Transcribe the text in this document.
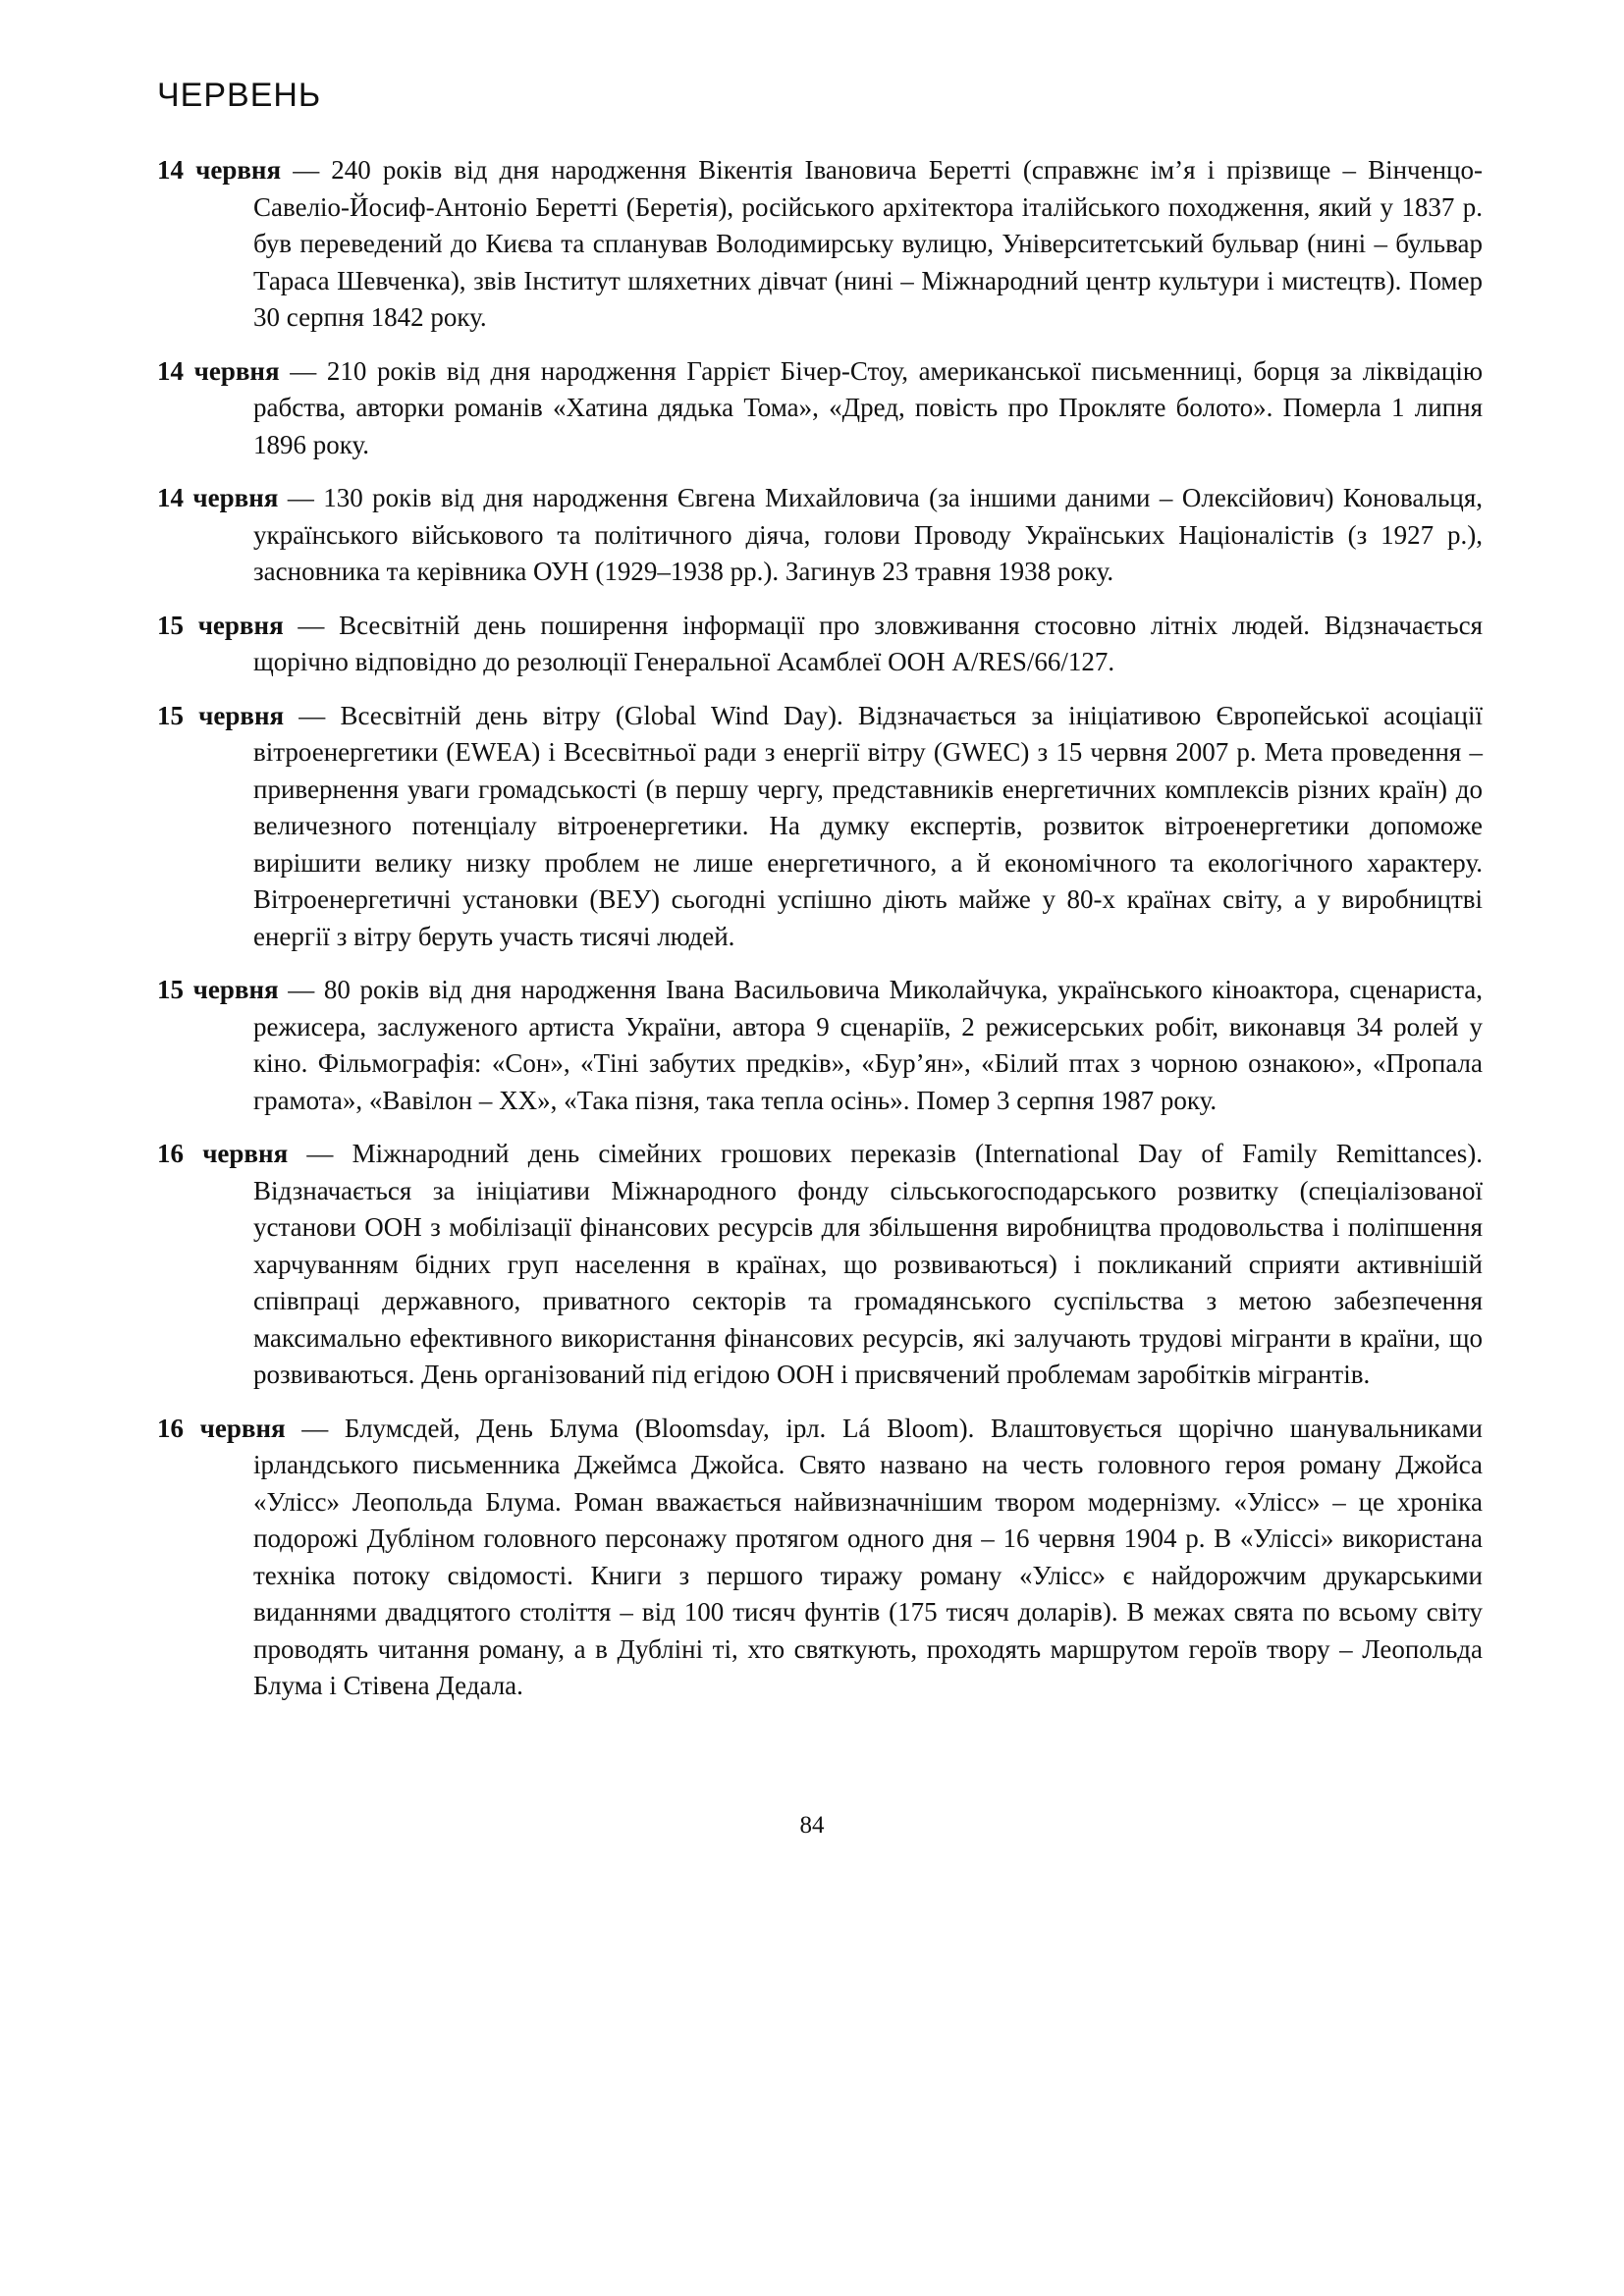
ЧЕРВЕНЬ

14 червня — 240 років від дня народження Вікентія Івановича Беретті (справжнє ім’я і прізвище – Вінченцо-Савеліо-Йосиф-Антоніо Беретті (Беретія), російського архітектора італійського походження, який у 1837 р. був переведений до Києва та спланував Володимирську вулицю, Університетський бульвар (нині – бульвар Тараса Шевченка), звів Інститут шляхетних дівчат (нині – Міжнародний центр культури і мистецтв). Помер 30 серпня 1842 року.

14 червня — 210 років від дня народження Гаррієт Бічер-Стоу, американської письменниці, борця за ліквідацію рабства, авторки романів «Хатина дядька Тома», «Дред, повість про Прокляте болото». Померла 1 липня 1896 року.

14 червня — 130 років від дня народження Євгена Михайловича (за іншими даними – Олексійович) Коновальця, українського військового та політичного діяча, голови Проводу Українських Націоналістів (з 1927 р.), засновника та керівника ОУН (1929–1938 рр.). Загинув 23 травня 1938 року.

15 червня — Всесвітній день поширення інформації про зловживання стосовно літніх людей. Відзначається щорічно відповідно до резолюції Генеральної Асамблеї ООН A/RES/66/127.

15 червня — Всесвітній день вітру (Global Wind Day). Відзначається за ініціативою Європейської асоціації вітроенергетики (EWEA) і Всесвітньої ради з енергії вітру (GWEC) з 15 червня 2007 р. Мета проведення – привернення уваги громадськості (в першу чергу, представників енергетичних комплексів різних країн) до величезного потенціалу вітроенергетики. На думку експертів, розвиток вітроенергетики допоможе вирішити велику низку проблем не лише енергетичного, а й економічного та екологічного характеру. Вітроенергетичні установки (ВЕУ) сьогодні успішно діють майже у 80-х країнах світу, а у виробництві енергії з вітру беруть участь тисячі людей.

15 червня — 80 років від дня народження Івана Васильовича Миколайчука, українського кіноактора, сценариста, режисера, заслуженого артиста України, автора 9 сценаріїв, 2 режисерських робіт, виконавця 34 ролей у кіно. Фільмографія: «Сон», «Тіні забутих предків», «Бур’ян», «Білий птах з чорною ознакою», «Пропала грамота», «Вавілон – ХХ», «Така пізня, така тепла осінь». Помер 3 серпня 1987 року.

16 червня — Міжнародний день сімейних грошових переказів (International Day of Family Remittances). Відзначається за ініціативи Міжнародного фонду сільськогосподарського розвитку (спеціалізованої установи ООН з мобілізації фінансових ресурсів для збільшення виробництва продовольства і поліпшення харчуванням бідних груп населення в країнах, що розвиваються) і покликаний сприяти активнішій співпраці державного, приватного секторів та громадянського суспільства з метою забезпечення максимально ефективного використання фінансових ресурсів, які залучають трудові мігранти в країни, що розвиваються. День організований під егідою ООН і присвячений проблемам заробітків мігрантів.

16 червня — Блумсдей, День Блума (Bloomsday, ірл. Lá Bloom). Влаштовується щорічно шанувальниками ірландського письменника Джеймса Джойса. Свято названо на честь головного героя роману Джойса «Улісс» Леопольда Блума. Роман вважається найвизначнішим твором модернізму. «Улісс» – це хроніка подорожі Дубліном головного персонажу протягом одного дня – 16 червня 1904 р. В «Уліссі» використана техніка потоку свідомості. Книги з першого тиражу роману «Улісс» є найдорожчим друкарськими виданнями двадцятого століття – від 100 тисяч фунтів (175 тисяч доларів). В межах свята по всьому світу проводять читання роману, а в Дубліні ті, хто святкують, проходять маршрутом героїв твору – Леопольда Блума і Стівена Дедала.

84
